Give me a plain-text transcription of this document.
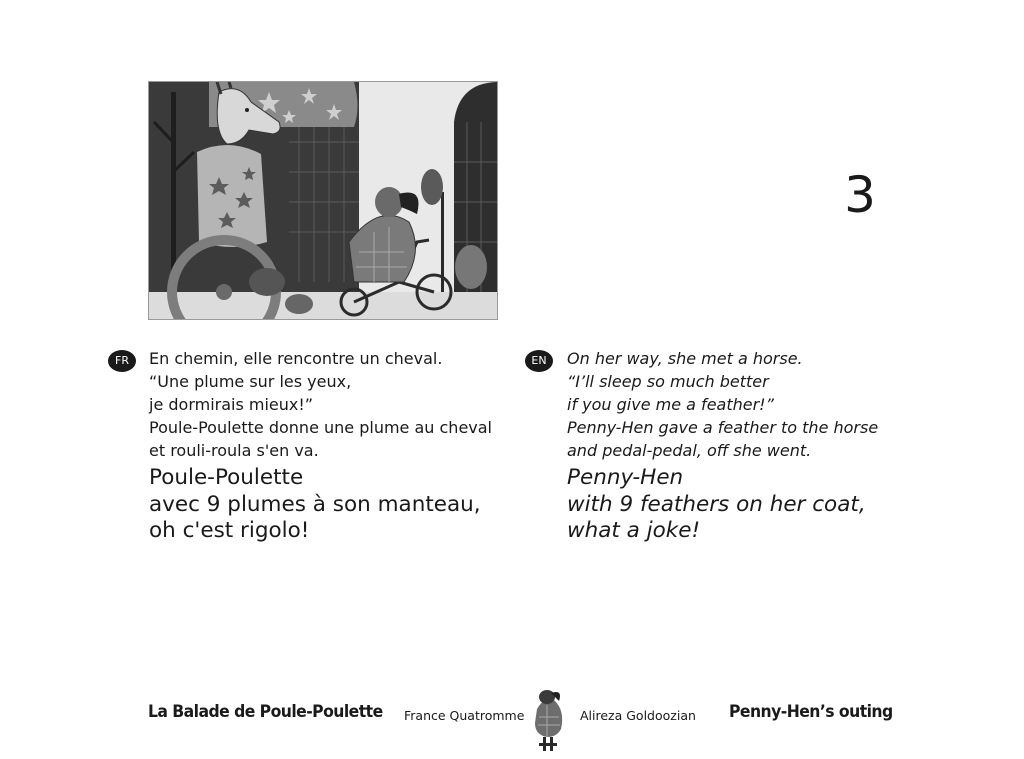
3
FR	En chemin, elle rencontre un cheval.
“Une plume sur les yeux,
je dormirais mieux!”
Poule-Poulette donne une plume au cheval
et rouli-roula s'en va.
Poule-Poulette
avec 9 plumes à son manteau,
oh c'est rigolo!
EN	On her way, she met a horse.
“I’ll sleep so much better
if you give me a feather!”
Penny-Hen gave a feather to the horse
and pedal-pedal, off she went.
Penny-Hen
with 9 feathers on her coat,
what a joke!
La Balade de Poule-Poulette France Quatromme	Alireza Goldoozian Penny-Hen’s outing
